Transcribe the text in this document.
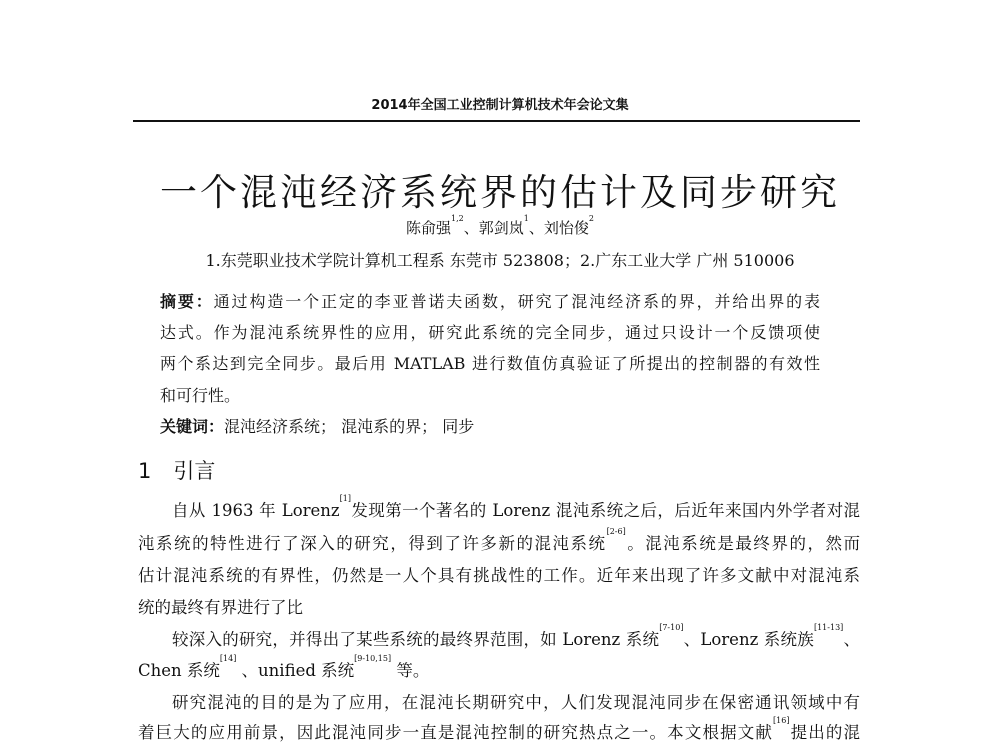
2014年全国工业控制计算机技术年会论文集
一个混沌经济系统界的估计及同步研究
陈俞强$^{1,2}$、郭剑岚$^1$、刘怡俊$^2$
1.东莞职业技术学院计算机工程系 东莞市 523808；2.广东工业大学 广州 510006
摘要：通过构造一个正定的李亚普诺夫函数，研究了混沌经济系的界，并给出界的表
达式。作为混沌系统界性的应用，研究此系统的完全同步，通过只设计一个反馈项使
两个系达到完全同步。最后用 MATLAB 进行数值仿真验证了所提出的控制器的有效性
和可行性。
关键词：混沌经济系统； 混沌系的界； 同步
1 引言
自从 1963 年 Lorenz[1]发现第一个著名的 Lorenz 混沌系统之后，后近年来国内外学者对混
沌系统的特性进行了深入的研究，得到了许多新的混沌系统[2-6]。混沌系统是最终界的，然而
估计混沌系统的有界性，仍然是一人个具有挑战性的工作。近年来出现了许多文献中对混沌系
统的最终有界进行了比
较深入的研究，并得出了某些系统的最终界范围，如 Lorenz 系统[7-10]、Lorenz 系统族[11-13]、
Chen 系统[14] 、unified 系统[9-10,15] 等。
研究混沌的目的是为了应用，在混沌长期研究中，人们发现混沌同步在保密通讯领域中有
着巨大的应用前景，因此混沌同步一直是混沌控制的研究热点之一。本文根据文献[16]提出的混
